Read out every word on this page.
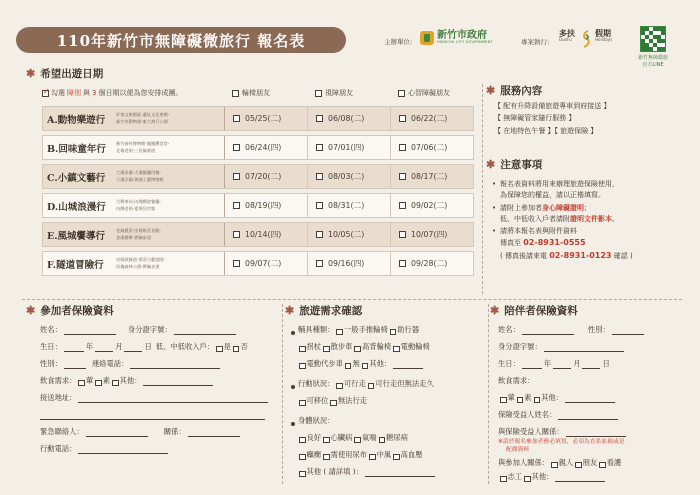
110年新竹市無障礙微旅行 報名表	主辦單位:
新竹市政府
HSINCHU CITY GOVERNMENT	專案執行:
多扶
DuoFu
假期
Holidays
新竹無障微旅
官方LINE
✱ 希望出遊日期
✓
勾選 障別 與 3 個日期以便為您安排成團。	輪椅朋友	視障朋友	心智障礙朋友
A.動物樂遊行	好客文創園區-遺址文化會館-
新竹市動物園-東大飛行公園	05/25(二)	06/08(二)	06/22(二)
B.回味童年行	新竹眷村博物館-龍鳳饌食堂-
北埔老街-三民綠園道	06/24(四)	07/01(四)	07/06(二)
C.小鎮文藝行	大溪吊橋-大溪餐廳用餐-
大溪宗廟-玻璃工藝博物館	07/20(二)	08/03(二)	08/17(二)
D.山城浪漫行	合興車站-內灣戲院餐廳-
內灣老街-愛飛兒市集	08/19(四)	08/31(二)	09/02(二)
E.風城饗導行	老錦農莊-田媽媽美食館-
金溪楊餅-實驗步道	10/14(四)	10/05(二)	10/07(四)
F.隧道冒險行	功維敘隧道-菁莊古藝庭園-
玫瑰森林公園-實驗步道	09/07(二)	09/16(四)	09/28(二)
✱ 服務內容
【 配有升降設備旅遊專車到府接送 】
【 無障礙管家隨行服務 】
【 在地特色午餐 】【 旅遊保險 】
✱ 注意事項
• 報名表資料將用來辦理旅遊保險使用，
為保障您的權益，請以正楷填寫。
• 請附上參加者身心障礙證明；
低、中低收入戶者請附證明文件影本。
• 請將本報名表與附件資料
傳真至 02-8931-0555
( 傳真後請來電 02-8931-0123 確認 )
✱ 參加者保險資料
姓名：	身分證字號：
生日：	年	月	日 低、中低收入戶： 是 否
性別：	連絡電話：
飲食需求： 葷 素 其他：
接送地址：
緊急聯絡人：	關係：
行動電話：
✱ 旅遊需求確認
輔具種類： 一般手推輪椅 助行器
拐杖 散步車 高背輪椅 電動輪椅
電動代步車 無 其他：
行動狀況： 可行走 可行走但無法走久
可移位 無法行走
身體狀況：
良好 心臟病 氣喘 糖尿病
癲癇 需使用尿布 中風 高血壓
其他 ( 請詳填 )：
✱ 陪伴者保險資料
姓名：	性別：
身分證字號：
生日：	年	月	日
飲食需求：
葷 素 其他：
保險受益人姓名：
與保險受益人關係：
※請於報名參加者務必填寫，必須為直系血親或是
配偶資料
與參加人關係： 親人 朋友 看護
志工 其他：
